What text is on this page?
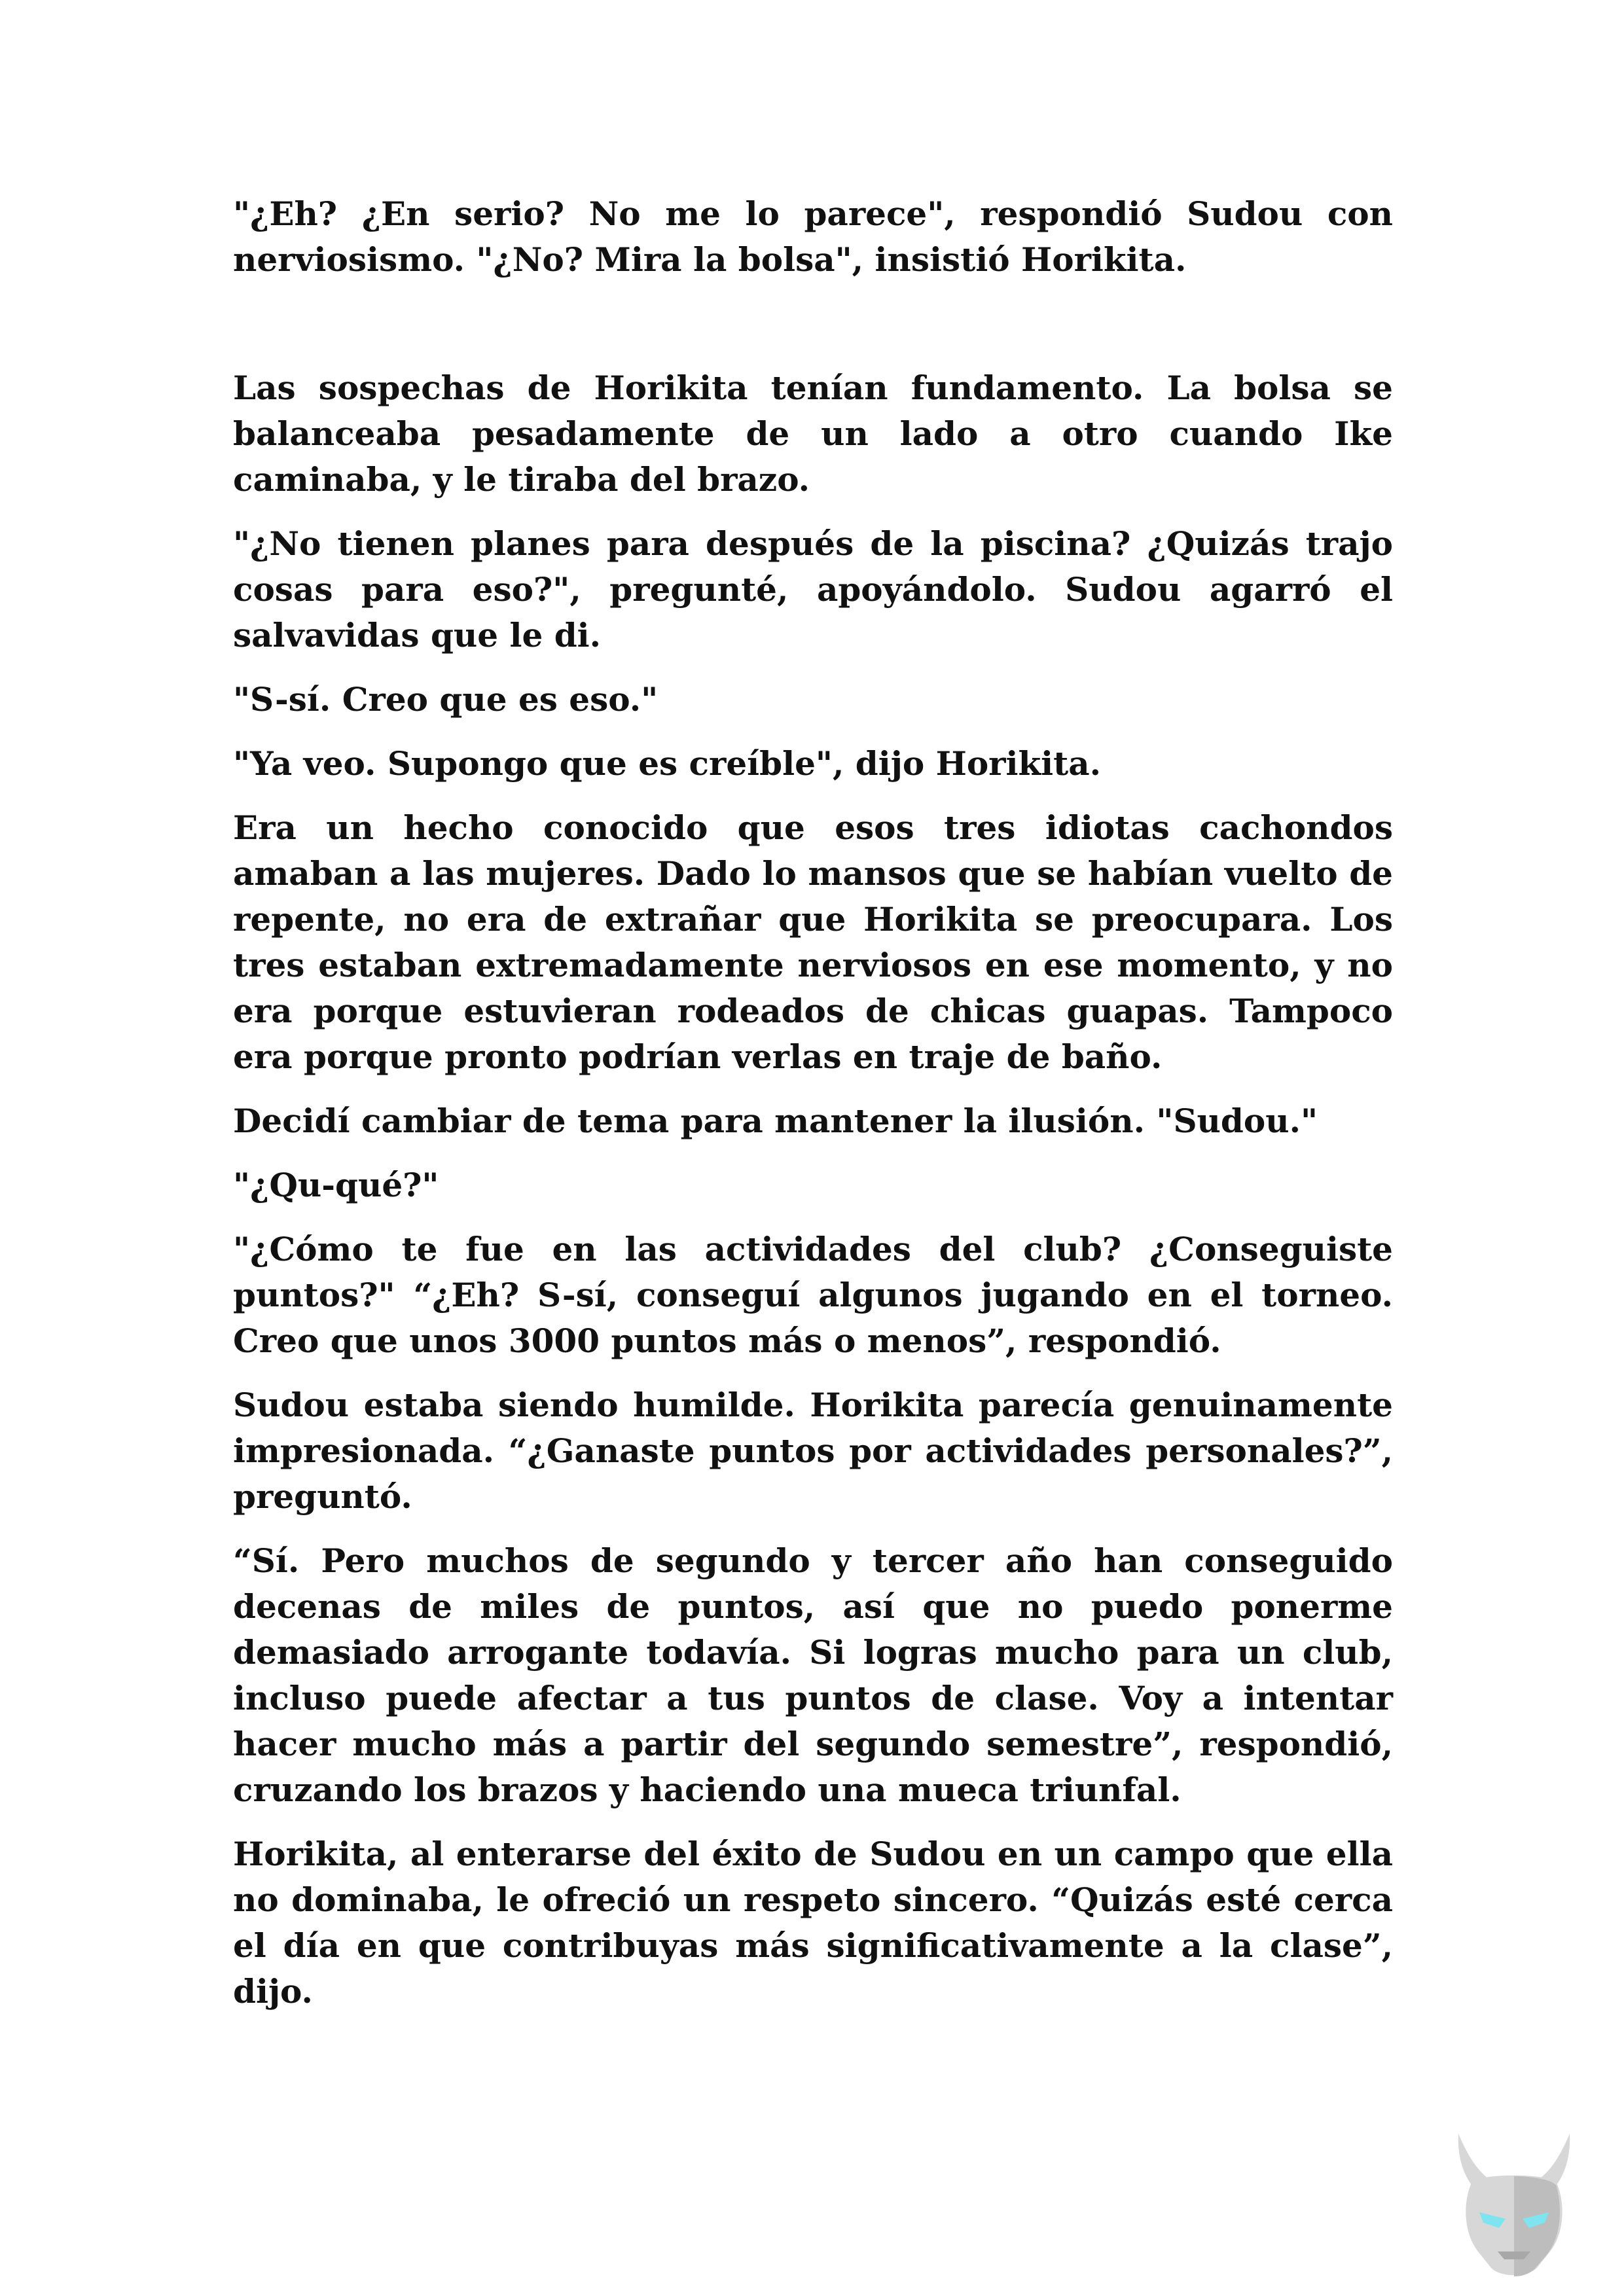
"¿Eh? ¿En serio? No me lo parece", respondió Sudou con nerviosismo. "¿No? Mira la bolsa", insistió Horikita.

Las sospechas de Horikita tenían fundamento. La bolsa se balanceaba pesadamente de un lado a otro cuando Ike caminaba, y le tiraba del brazo.

"¿No tienen planes para después de la piscina? ¿Quizás trajo cosas para eso?", pregunté, apoyándolo. Sudou agarró el salvavidas que le di.

"S-sí. Creo que es eso."

"Ya veo. Supongo que es creíble", dijo Horikita.

Era un hecho conocido que esos tres idiotas cachondos amaban a las mujeres. Dado lo mansos que se habían vuelto de repente, no era de extrañar que Horikita se preocupara. Los tres estaban extremadamente nerviosos en ese momento, y no era porque estuvieran rodeados de chicas guapas. Tampoco era porque pronto podrían verlas en traje de baño.

Decidí cambiar de tema para mantener la ilusión. "Sudou."

"¿Qu-qué?"

"¿Cómo te fue en las actividades del club? ¿Conseguiste puntos?" “¿Eh? S-sí, conseguí algunos jugando en el torneo. Creo que unos 3000 puntos más o menos”, respondió.

Sudou estaba siendo humilde. Horikita parecía genuinamente impresionada. “¿Ganaste puntos por actividades personales?”, preguntó.

“Sí. Pero muchos de segundo y tercer año han conseguido decenas de miles de puntos, así que no puedo ponerme demasiado arrogante todavía. Si logras mucho para un club, incluso puede afectar a tus puntos de clase. Voy a intentar hacer mucho más a partir del segundo semestre”, respondió, cruzando los brazos y haciendo una mueca triunfal.

Horikita, al enterarse del éxito de Sudou en un campo que ella no dominaba, le ofreció un respeto sincero. “Quizás esté cerca el día en que contribuyas más significativamente a la clase”, dijo.
